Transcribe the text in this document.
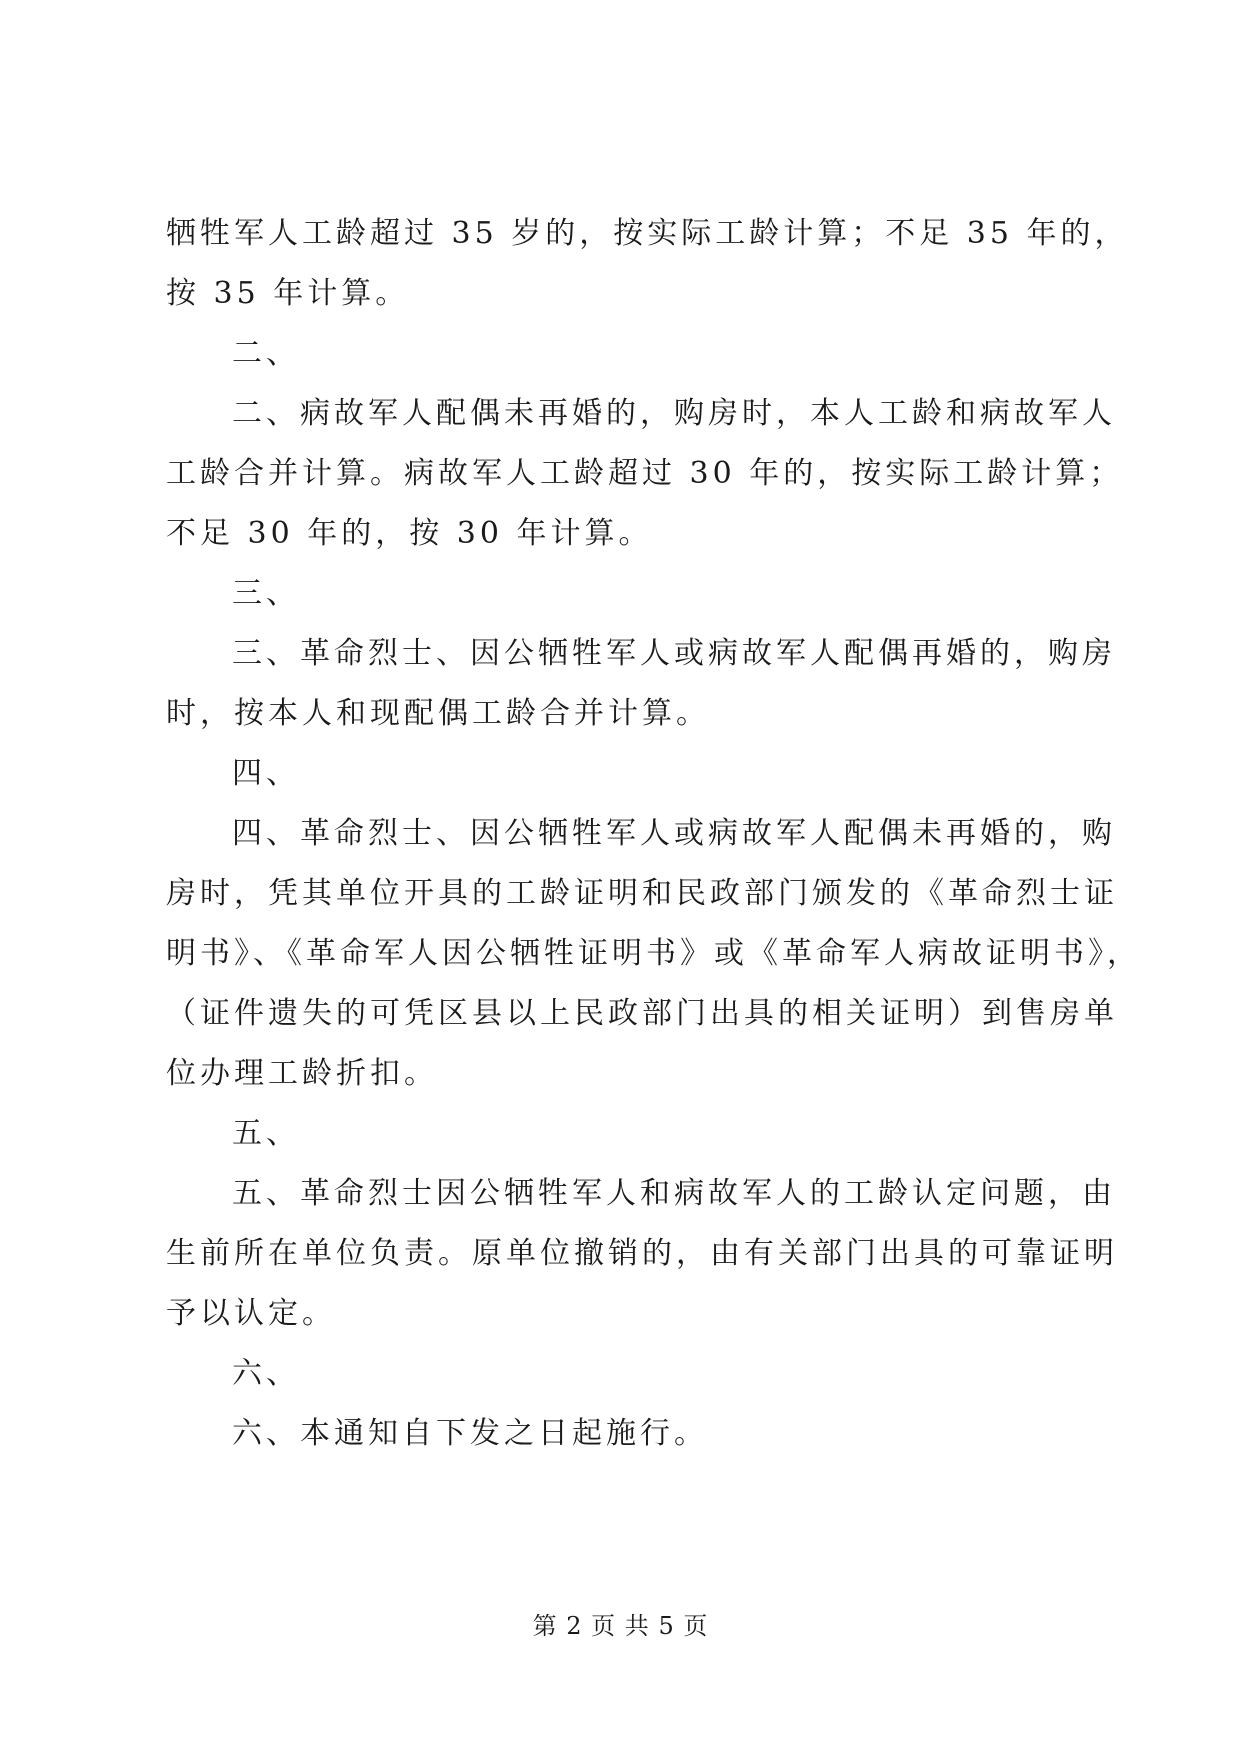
牺牲军人工龄超过 35 岁的，按实际工龄计算；不足 35 年的，
按 35 年计算。

二、

二、病故军人配偶未再婚的，购房时，本人工龄和病故军人
工龄合并计算。病故军人工龄超过 30 年的，按实际工龄计算；
不足 30 年的，按 30 年计算。

三、

三、革命烈士、因公牺牲军人或病故军人配偶再婚的，购房
时，按本人和现配偶工龄合并计算。

四、

四、革命烈士、因公牺牲军人或病故军人配偶未再婚的，购
房时，凭其单位开具的工龄证明和民政部门颁发的《革命烈士证
明书》、《革命军人因公牺牲证明书》或《革命军人病故证明书》，
（证件遗失的可凭区县以上民政部门出具的相关证明）到售房单
位办理工龄折扣。

五、

五、革命烈士因公牺牲军人和病故军人的工龄认定问题，由
生前所在单位负责。原单位撤销的，由有关部门出具的可靠证明
予以认定。

六、

六、本通知自下发之日起施行。

第 2 页 共 5 页
